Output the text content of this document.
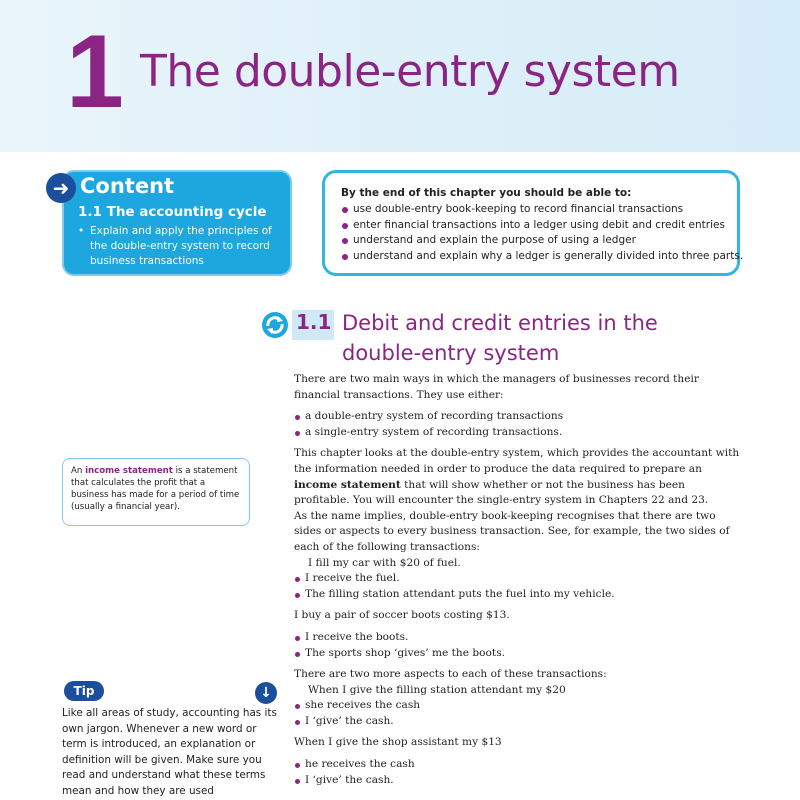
1 The double-entry system
➜ Content
1.1 The accounting cycle
• Explain and apply the principles of the double-entry system to record business transactions
By the end of this chapter you should be able to:
use double-entry book-keeping to record financial transactions
enter financial transactions into a ledger using debit and credit entries
understand and explain the purpose of using a ledger
understand and explain why a ledger is generally divided into three parts.
1.1 Debit and credit entries in the double-entry system

There are two main ways in which the managers of businesses record their financial transactions. They use either:

a double-entry system of recording transactions

a single-entry system of recording transactions.

This chapter looks at the double-entry system, which provides the accountant with the information needed in order to produce the data required to prepare an income statement that will show whether or not the business has been profitable. You will encounter the single-entry system in Chapters 22 and 23.

As the name implies, double-entry book-keeping recognises that there are two sides or aspects to every business transaction. See, for example, the two sides of each of the following transactions:

I fill my car with $20 of fuel.

I receive the fuel.

The filling station attendant puts the fuel into my vehicle.

I buy a pair of soccer boots costing $13.

I receive the boots.

The sports shop ‘gives’ me the boots.

There are two more aspects to each of these transactions:

When I give the filling station attendant my $20

she receives the cash

I ‘give’ the cash.

When I give the shop assistant my $13

he receives the cash

I ‘give’ the cash.

An income statement is a statement that calculates the profit that a business has made for a period of time (usually a financial year).
Tip	↓
Like all areas of study, accounting has its own jargon. Whenever a new word or term is introduced, an explanation or definition will be given. Make sure you read and understand what these terms mean and how they are used
